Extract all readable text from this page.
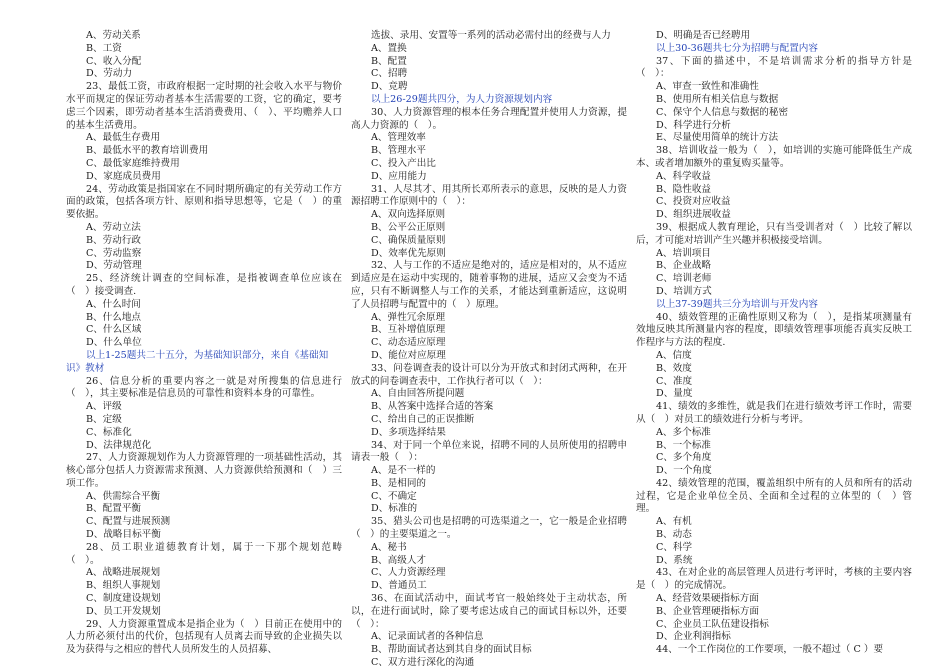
A、劳动关系

B、工资

C、收入分配

D、劳动力

23、最低工资，市政府根据一定时期的社会收入水平与物价水平而规定的保证劳动者基本生活需要的工资，它的确定，要考虑三个因素，即劳动者基本生活消费费用、（　）、平均赡养人口的基本生活费用。

A、最低生存费用

B、最低水平的教育培训费用

C、最低家庭维持费用

D、家庭成员费用

24、劳动政策是指国家在不同时期所确定的有关劳动工作方面的政策，包括各项方针、原则和指导思想等，它是（　）的重要依据。

A、劳动立法

B、劳动行政

C、劳动监察

D、劳动管理

25、经济统计调查的空间标准，是指被调查单位应该在（　）接受调查.

A、什么时间

B、什么地点

C、什么区域

D、什么单位

以上1-25题共二十五分，为基础知识部分，来自《基础知识》教材

26、信息分析的重要内容之一就是对所搜集的信息进行（　），其主要标准是信息员的可靠性和资料本身的可靠性。

A、评级

B、定级

C、标准化

D、法律规范化

27、人力资源规划作为人力资源管理的一项基础性活动，其核心部分包括人力资源需求预测、人力资源供给预测和（　）三项工作。

A、供需综合平衡

B、配置平衡

C、配置与进展预测

D、战略目标平衡

28、员工职业道德教育计划，属于一下那个规划范畴（　）。

A、战略进展规划

B、组织人事规划

C、制度建设规划

D、员工开发规划

29、人力资源重置成本是指企业为（　）目前正在使用中的人力所必须付出的代价，包括现有人员离去而导致的企业损失以及为获得与之相应的替代人员所发生的人员招募、

选拔、录用、安置等一系列的活动必需付出的经费与人力

A、置换

B、配置

C、招聘

D、竞聘

以上26-29题共四分，为人力资源规划内容

30、人力资源管理的根本任务合理配置并使用人力资源，提高人力资源的（　）。

A、管理效率

B、管理水平

C、投入产出比

D、应用能力

31、人尽其才、用其所长邓所表示的意思，反映的是人力资源招聘工作原则中的（　）：

A、双向选择原则

B、公平公正原则

C、确保质量原则

D、效率优先原则

32、人与工作的不适应是绝对的，适应是相对的，从不适应到适应是在运动中实现的，随着事物的进展，适应又会变为不适应，只有不断调整人与工作的关系，才能达到重新适应，这说明了人员招聘与配置中的（　）原理。

A、弹性冗余原理

B、互补增值原理

C、动态适应原理

D、能位对应原理

33、问卷调查表的设计可以分为开放式和封闭式两种，在开放式的问卷调查表中，工作执行者可以（　）：

A、自由回答所提问题

B、从答案中选择合适的答案

C、给出自己的正误推断

D、多项选择结果

34、对于同一个单位来说，招聘不同的人员所使用的招聘申请表一般（　）：

A、是不一样的

B、是相同的

C、不确定

D、标准的

35、猎头公司也是招聘的可选渠道之一，它一般是企业招聘（　）的主要渠道之一。

A、秘书

B、高级人才

C、人力资源经理

D、普通员工

36、在面试活动中，面试考官一般始终处于主动状态，所以，在进行面试时，除了要考虑达成自己的面试目标以外，还要（　）：

A、记录面试者的各种信息

B、帮助面试者达到其自身的面试目标

C、双方进行深化的沟通

D、明确是否已经聘用

以上30-36题共七分为招聘与配置内容

37、下面的描述中，不是培训需求分析的指导方针是（　）：

A、审查一致性和准确性

B、使用所有相关信息与数据

C、保守个人信息与数据的秘密

D、科学进行分析

E、尽量使用简单的统计方法

38、培训收益一般为（　），如培训的实施可能降低生产成本、或者增加额外的重复购买量等。

A、科学收益

B、隐性收益

C、投资对应收益

D、组织进展收益

39、根据成人教育理论，只有当受训者对（　）比较了解以后，才可能对培训产生兴趣并积极接受培训。

A、培训项目

B、企业战略

C、培训老师

D、培训方式

以上37-39题共三分为培训与开发内容

40、绩效管理的正确性原则又称为（　），是指某项测量有效地反映其所测量内容的程度，即绩效管理事项能否真实反映工作程序与方法的程度.

A、信度

B、效度

C、准度

D、量度

41、绩效的多维性，就是我们在进行绩效考评工作时，需要从（　）对员工的绩效进行分析与考评。

A、多个标准

B、一个标准

C、多个角度

D、一个角度

42、绩效管理的范围，覆盖组织中所有的人员和所有的活动过程，它是企业单位全员、全面和全过程的立体型的（　）管理。

A、有机

B、动态

C、科学

D、系统

43、在对企业的高层管理人员进行考评时，考核的主要内容是（　）的完成情况。

A、经营效果硬指标方面

B、企业管理硬指标方面

C、企业员工队伍建设指标

D、企业利润指标

44、一个工作岗位的工作要项，一般不超过（ C ）要
